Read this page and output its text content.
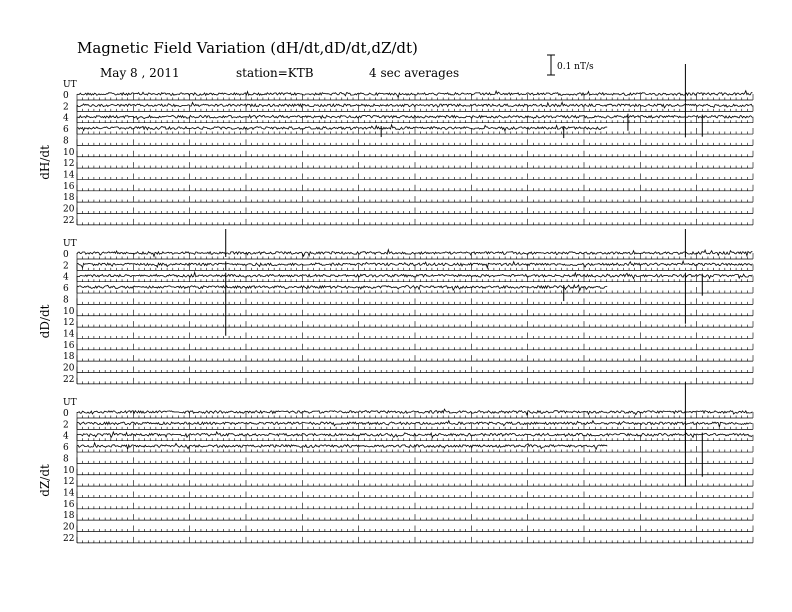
Magnetic Field Variation (dH/dt,dD/dt,dZ/dt)
May 8 , 2011	station=KTB	4 sec averages	0.1 nT/s
UT
0
2
4
6
8
10
12
14
16
18
20
22
dH/dt
UT
0
2
4
6
8
10
12
14
16
18
20
22
dD/dt
UT
0
2
4
6
8
10
12
14
16
18
20
22
dZ/dt
